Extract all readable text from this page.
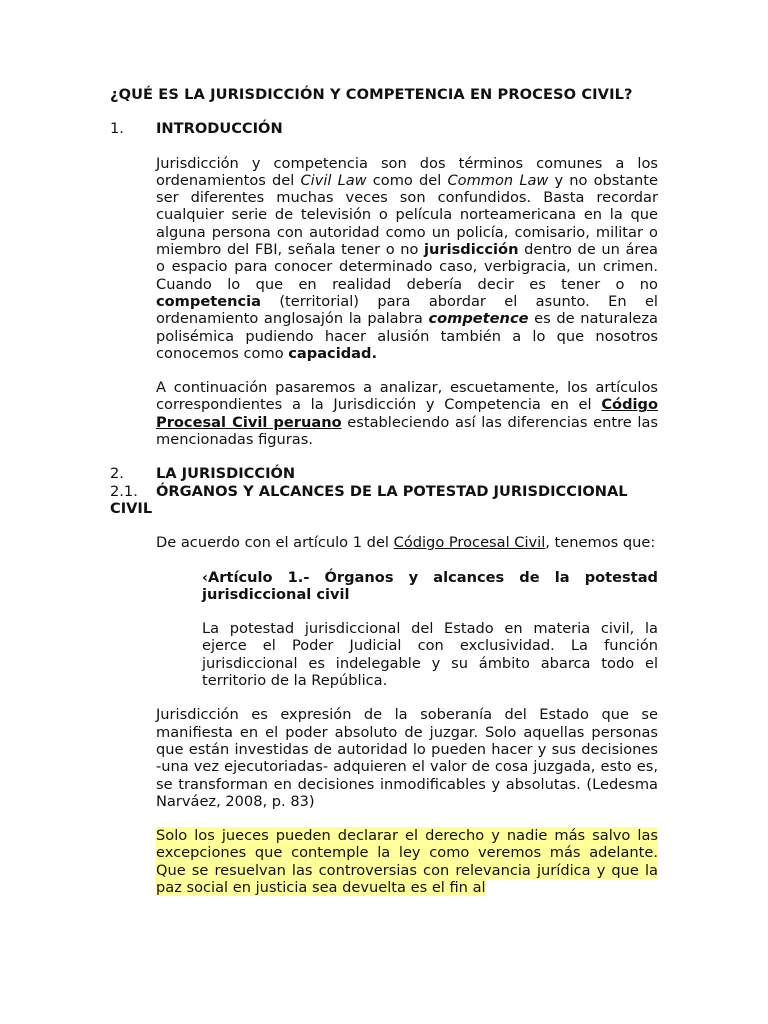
¿QUÉ ES LA JURISDICCIÓN Y COMPETENCIA EN PROCESO CIVIL?

1. INTRODUCCIÓN

Jurisdicción y competencia son dos términos comunes a los ordenamientos del Civil Law como del Common Law y no obstante ser diferentes muchas veces son confundidos. Basta recordar cualquier serie de televisión o película norteamericana en la que alguna persona con autoridad como un policía, comisario, militar o miembro del FBI, señala tener o no jurisdicción dentro de un área o espacio para conocer determinado caso, verbigracia, un crimen. Cuando lo que en realidad debería decir es tener o no competencia (territorial) para abordar el asunto. En el ordenamiento anglosajón la palabra competence es de naturaleza polisémica pudiendo hacer alusión también a lo que nosotros conocemos como capacidad.

A continuación pasaremos a analizar, escuetamente, los artículos correspondientes a la Jurisdicción y Competencia en el Código Procesal Civil peruano estableciendo así las diferencias entre las mencionadas figuras.

2. LA JURISDICCIÓN

2.1. ÓRGANOS Y ALCANCES DE LA POTESTAD JURISDICCIONAL
CIVIL

De acuerdo con el artículo 1 del Código Procesal Civil, tenemos que:

‹Artículo 1.- Órganos y alcances de la potestad jurisdiccional civil

La potestad jurisdiccional del Estado en materia civil, la ejerce el Poder Judicial con exclusividad. La función jurisdiccional es indelegable y su ámbito abarca todo el territorio de la República.

Jurisdicción es expresión de la soberanía del Estado que se manifiesta en el poder absoluto de juzgar. Solo aquellas personas que están investidas de autoridad lo pueden hacer y sus decisiones -una vez ejecutoriadas- adquieren el valor de cosa juzgada, esto es, se transforman en decisiones inmodificables y absolutas. (Ledesma Narváez, 2008, p. 83)

Solo los jueces pueden declarar el derecho y nadie más salvo las excepciones que contemple la ley como veremos más adelante. Que se resuelvan las controversias con relevancia jurídica y que la paz social en justicia sea devuelta es el fin al
